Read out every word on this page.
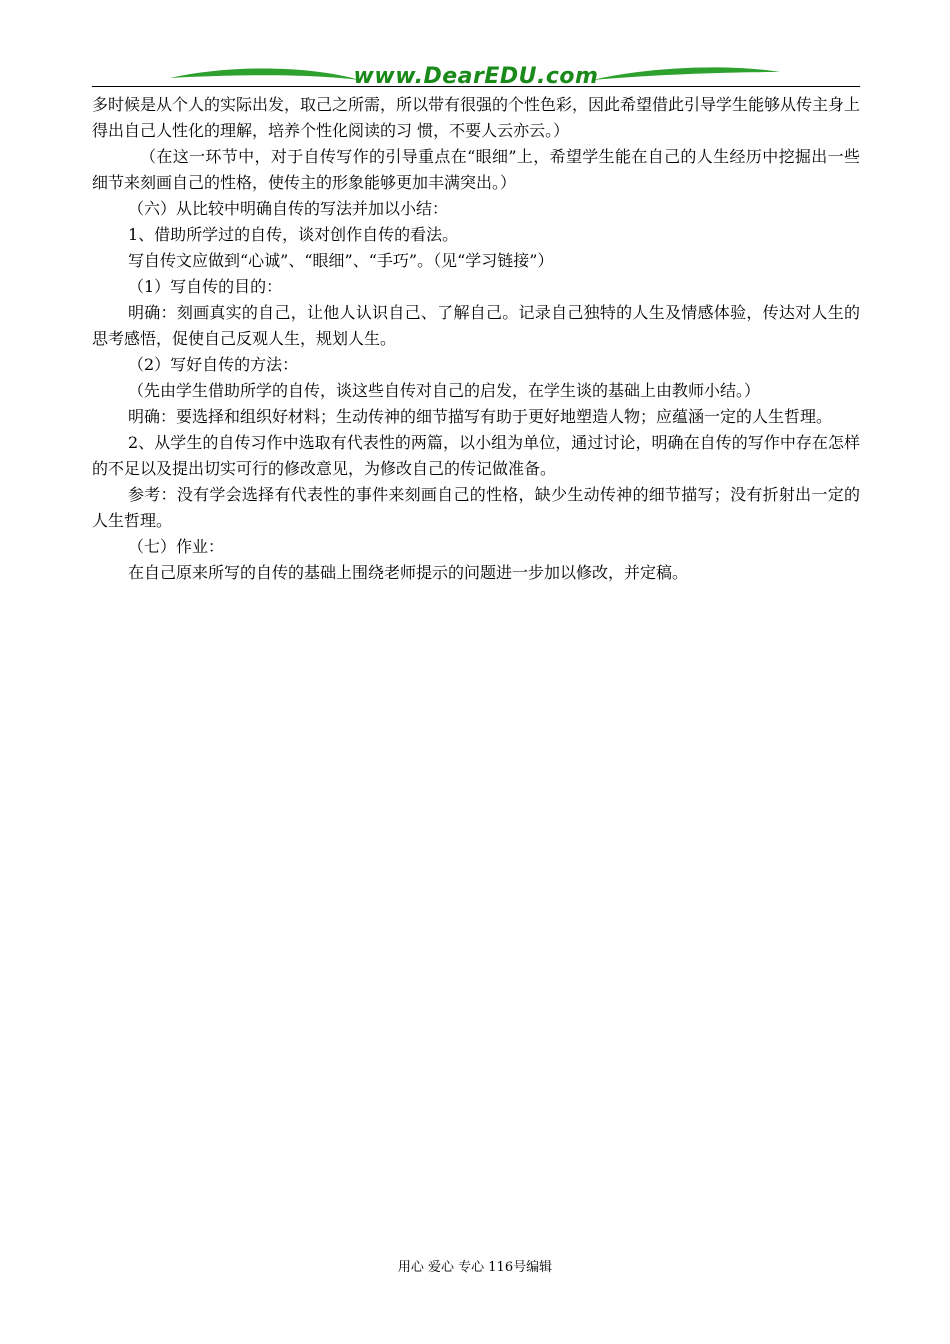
www.DearEDU.com

多时候是从个人的实际出发，取己之所需，所以带有很强的个性色彩，因此希望借此引导学生能够从传主身上得出自己人性化的理解，培养个性化阅读的习 惯，不要人云亦云。）

（在这一环节中，对于自传写作的引导重点在“眼细”上，希望学生能在自己的人生经历中挖掘出一些细节来刻画自己的性格，使传主的形象能够更加丰满突出。）

（六）从比较中明确自传的写法并加以小结：

1、借助所学过的自传，谈对创作自传的看法。

写自传文应做到“心诚”、“眼细”、“手巧”。（见“学习链接”）

（1）写自传的目的：

明确：刻画真实的自己，让他人认识自己、了解自己。记录自己独特的人生及情感体验，传达对人生的思考感悟，促使自己反观人生，规划人生。

（2）写好自传的方法：

（先由学生借助所学的自传，谈这些自传对自己的启发，在学生谈的基础上由教师小结。）

明确：要选择和组织好材料；生动传神的细节描写有助于更好地塑造人物；应蕴涵一定的人生哲理。

2、从学生的自传习作中选取有代表性的两篇，以小组为单位，通过讨论，明确在自传的写作中存在怎样的不足以及提出切实可行的修改意见，为修改自己的传记做准备。

参考：没有学会选择有代表性的事件来刻画自己的性格，缺少生动传神的细节描写；没有折射出一定的人生哲理。

（七）作业：

在自己原来所写的自传的基础上围绕老师提示的问题进一步加以修改，并定稿。

用心 爱心 专心 116号编辑
